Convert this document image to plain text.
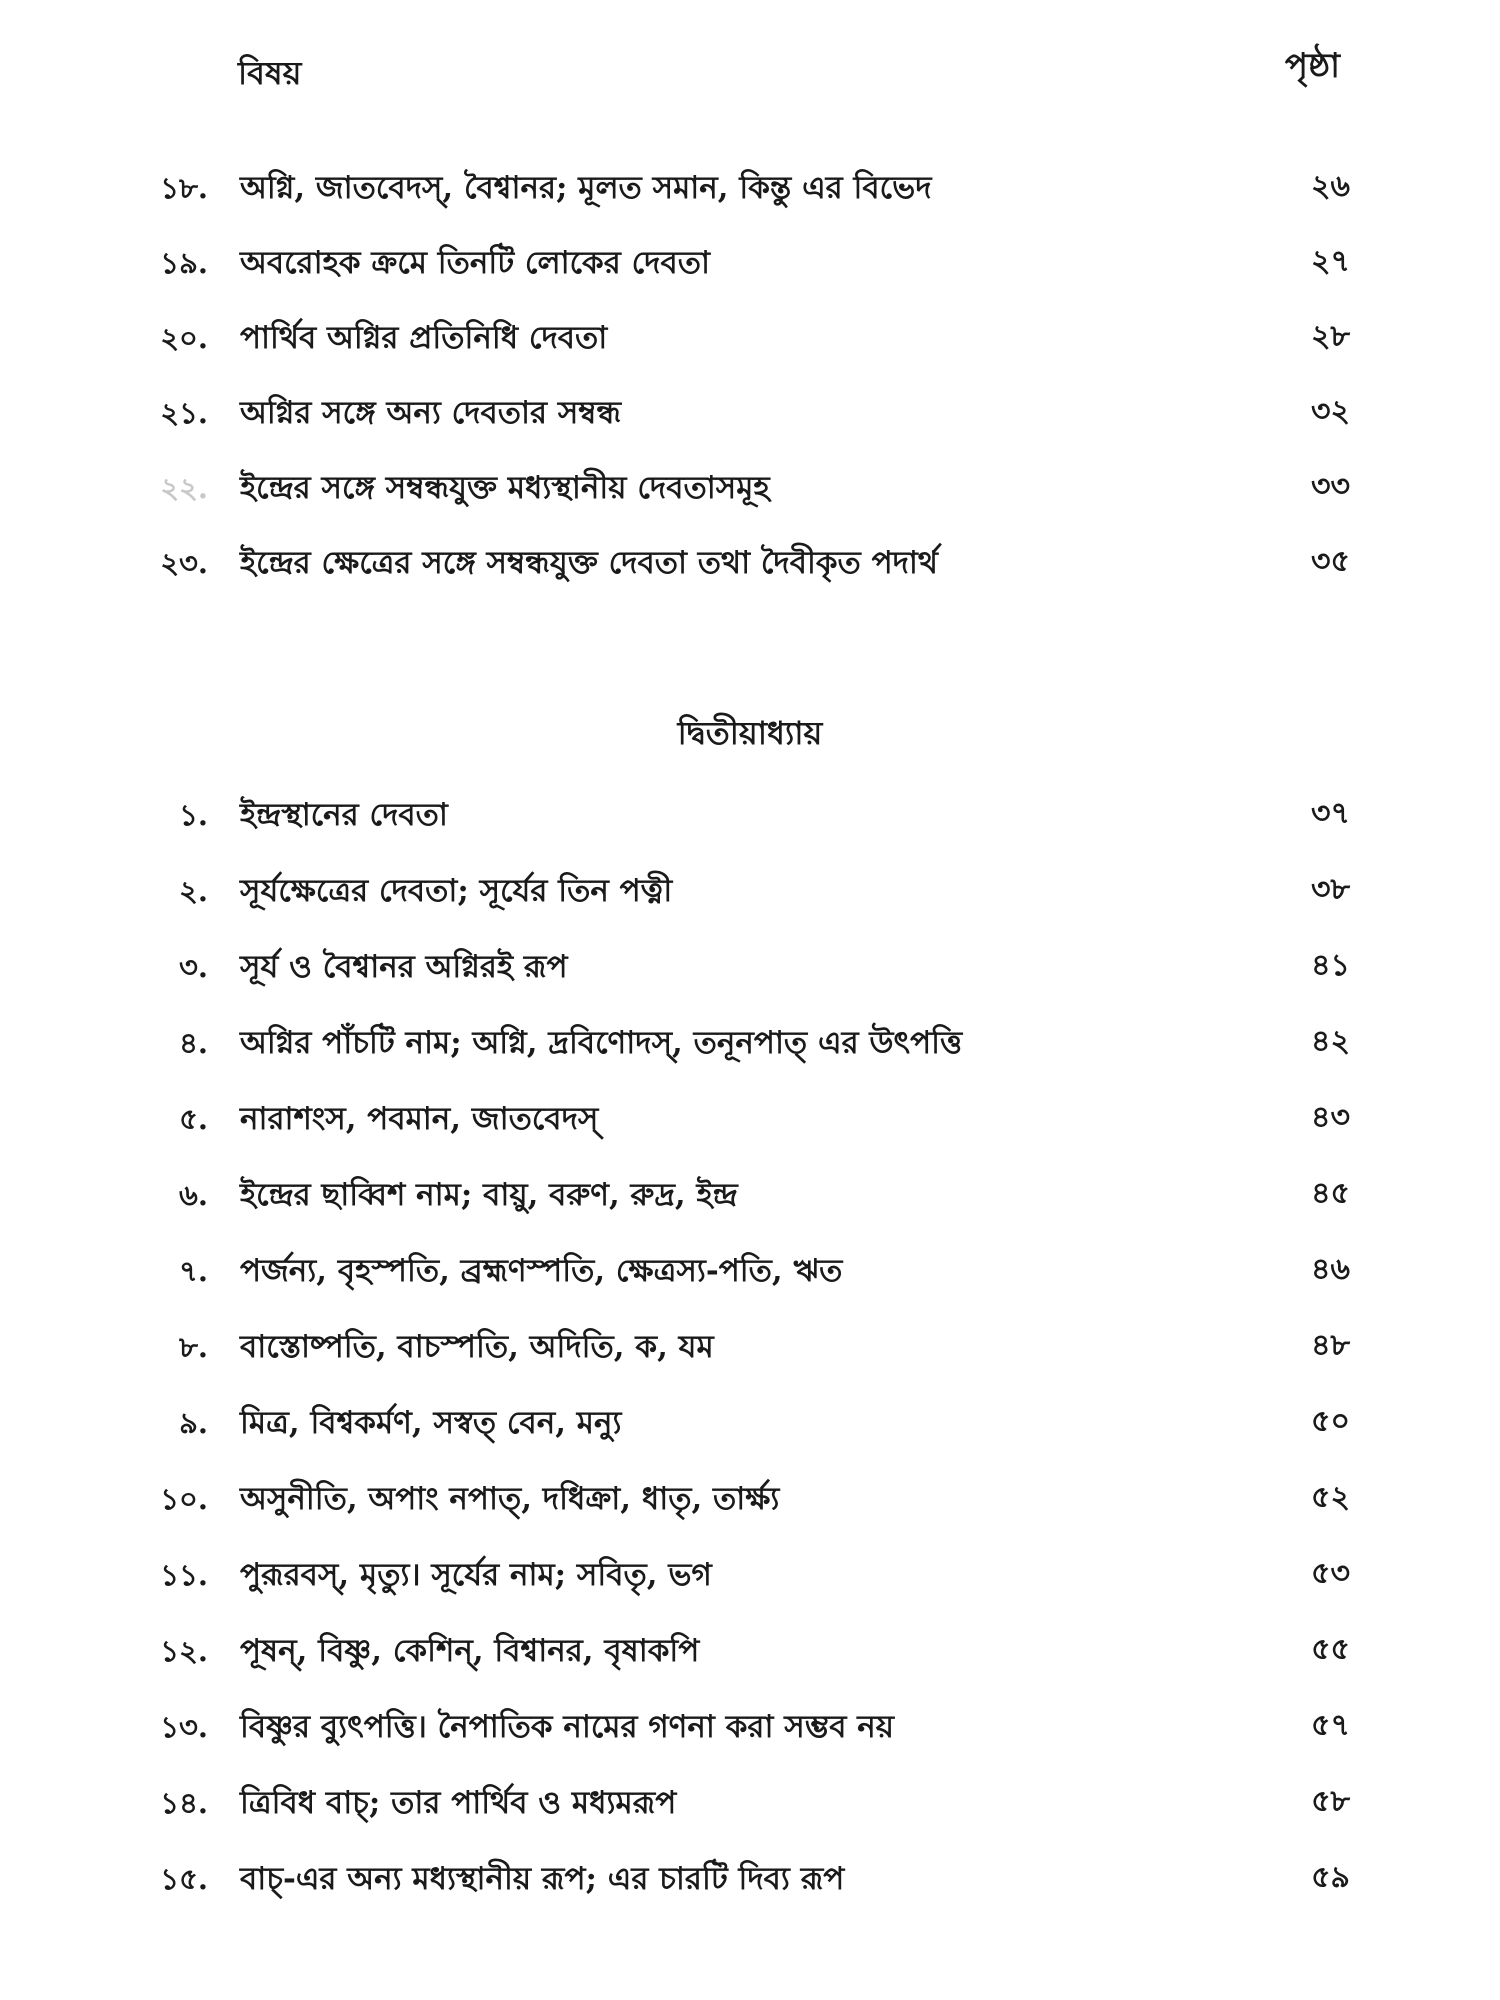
বিষয়	পৃষ্ঠা
১৮. অগ্নি, জাতবেদস্, বৈশ্বানর; মূলত সমান, কিন্তু এর বিভেদ	২৬
১৯. অবরোহক ক্রমে তিনটি লোকের দেবতা	২৭
২০. পার্থিব অগ্নির প্রতিনিধি দেবতা	২৮
২১. অগ্নির সঙ্গে অন্য দেবতার সম্বন্ধ	৩২
২২. ইন্দ্রের সঙ্গে সম্বন্ধযুক্ত মধ্যস্থানীয় দেবতাসমূহ	৩৩
২৩. ইন্দ্রের ক্ষেত্রের সঙ্গে সম্বন্ধযুক্ত দেবতা তথা দৈবীকৃত পদার্থ	৩৫
দ্বিতীয়াধ্যায়
১. ইন্দ্রস্থানের দেবতা	৩৭
২. সূর্যক্ষেত্রের দেবতা; সূর্যের তিন পত্নী	৩৮
৩. সূর্য ও বৈশ্বানর অগ্নিরই রূপ	৪১
৪. অগ্নির পাঁচটি নাম; অগ্নি, দ্রবিণোদস্, তনূনপাত্ এর উৎপত্তি	৪২
৫. নারাশংস, পবমান, জাতবেদস্	৪৩
৬. ইন্দ্রের ছাব্বিশ নাম; বায়ু, বরুণ, রুদ্র, ইন্দ্র	৪৫
৭. পর্জন্য, বৃহস্পতি, ব্রহ্মণস্পতি, ক্ষেত্রস্য-পতি, ঋত	৪৬
৮. বাস্তোষ্পতি, বাচস্পতি, অদিতি, ক, যম	৪৮
৯. মিত্র, বিশ্বকর্মণ, সস্বত্ বেন, মন্যু	৫০
১০. অসুনীতি, অপাং নপাত্, দধিক্রা, ধাতৃ, তার্ক্ষ্য	৫২
১১. পুরূরবস্, মৃত্যু। সূর্যের নাম; সবিতৃ, ভগ	৫৩
১২. পূষন্, বিষ্ণু, কেশিন্, বিশ্বানর, বৃষাকপি	৫৫
১৩. বিষ্ণুর ব্যুৎপত্তি। নৈপাতিক নামের গণনা করা সম্ভব নয়	৫৭
১৪. ত্রিবিধ বাচ্; তার পার্থিব ও মধ্যমরূপ	৫৮
১৫. বাচ্-এর অন্য মধ্যস্থানীয় রূপ; এর চারটি দিব্য রূপ	৫৯
